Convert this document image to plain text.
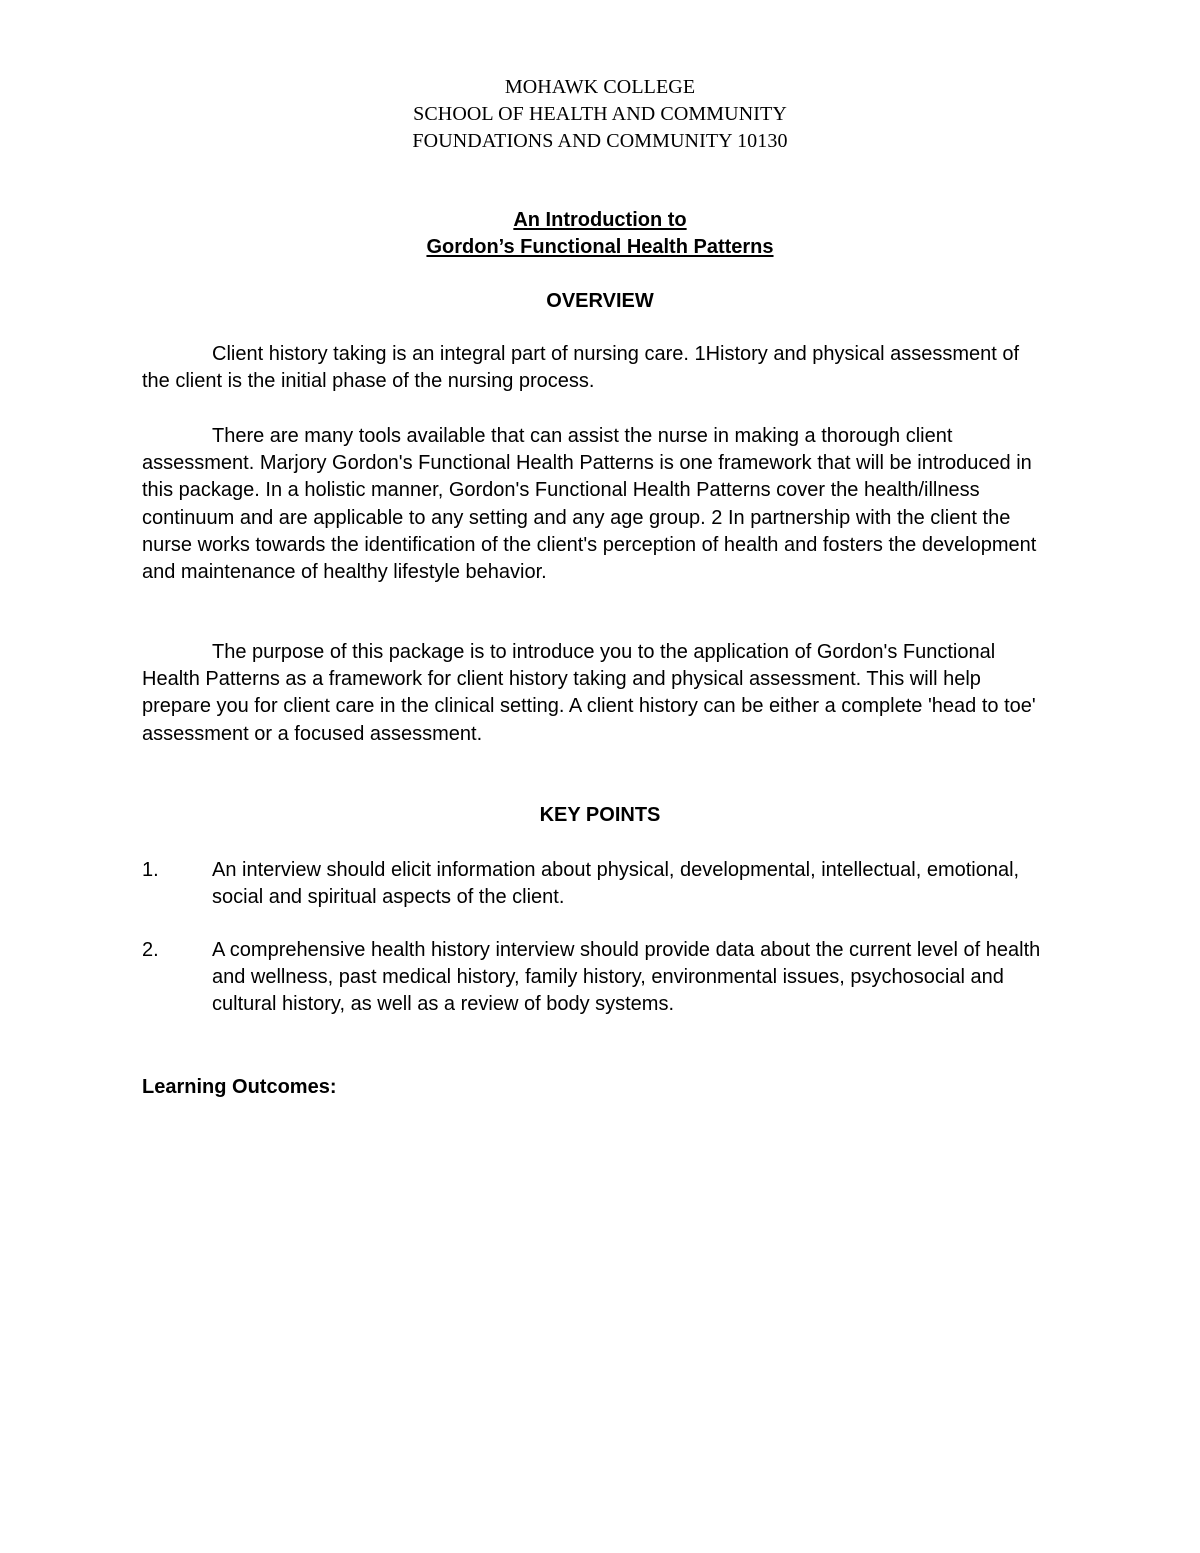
MOHAWK COLLEGE
SCHOOL OF HEALTH AND COMMUNITY
FOUNDATIONS AND COMMUNITY 10130
An Introduction to
Gordon’s Functional Health Patterns
OVERVIEW

Client history taking is an integral part of nursing care. 1History and physical assessment of the client is the initial phase of the nursing process.

There are many tools available that can assist the nurse in making a thorough client assessment. Marjory Gordon's Functional Health Patterns is one framework that will be introduced in this package. In a holistic manner, Gordon's Functional Health Patterns cover the health/illness continuum and are applicable to any setting and any age group. 2 In partnership with the client the nurse works towards the identification of the client's perception of health and fosters the development and maintenance of healthy lifestyle behavior.

The purpose of this package is to introduce you to the application of Gordon's Functional Health Patterns as a framework for client history taking and physical assessment. This will help prepare you for client care in the clinical setting. A client history can be either a complete 'head to toe' assessment or a focused assessment.

KEY POINTS
1.	An interview should elicit information about physical, developmental, intellectual, emotional, social and spiritual aspects of the client.
2.	A comprehensive health history interview should provide data about the current level of health and wellness, past medical history, family history, environmental issues, psychosocial and cultural history, as well as a review of body systems.
Learning Outcomes:
